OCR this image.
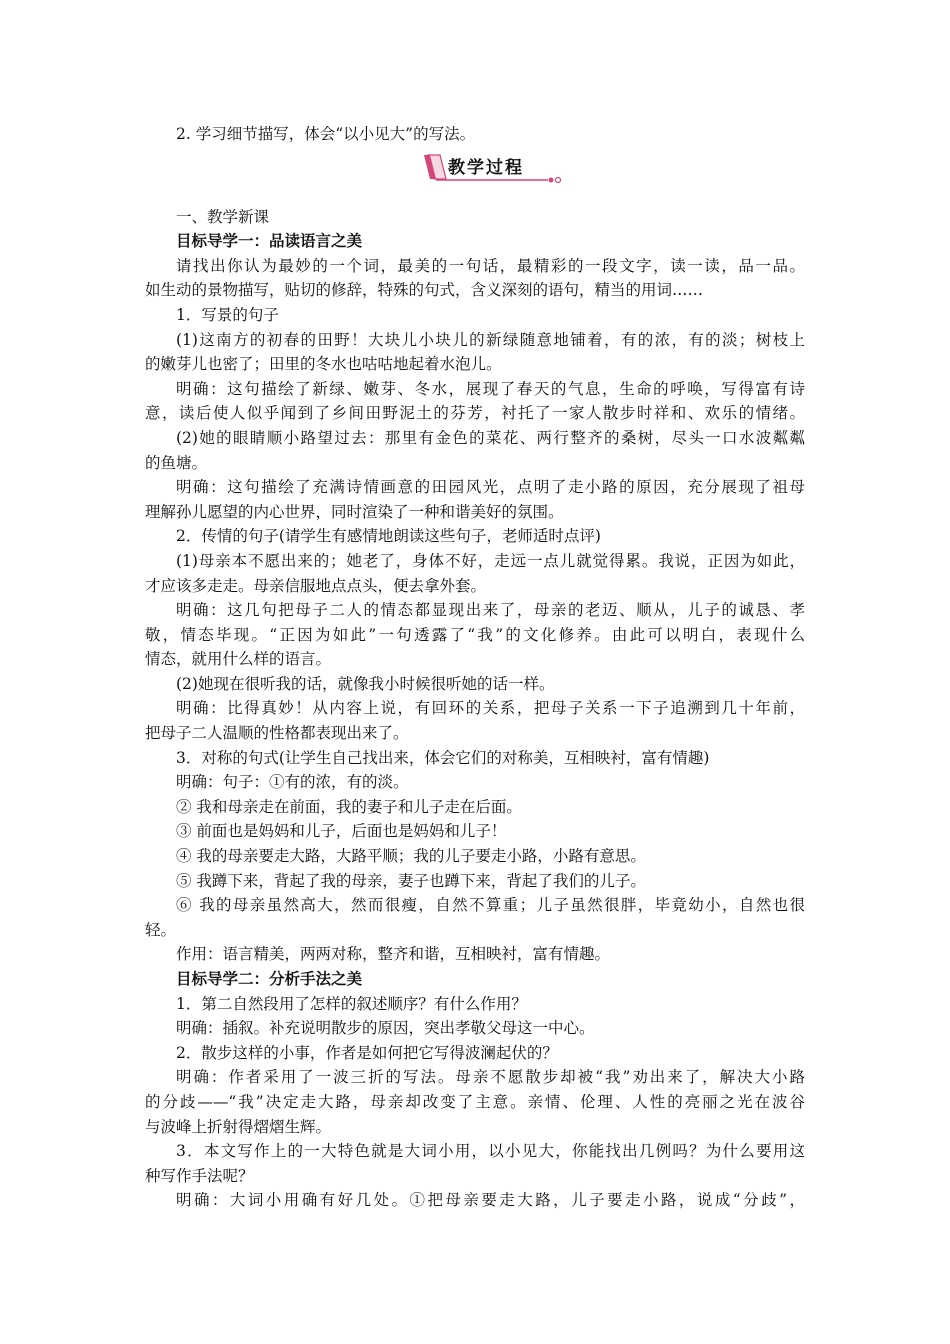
2. 学习细节描写，体会“以小见大”的写法。
教学过程
一、教学新课
目标导学一：品读语言之美
请找出你认为最妙的一个词，最美的一句话，最精彩的一段文字，读一读，品一品。
如生动的景物描写，贴切的修辞，特殊的句式，含义深刻的语句，精当的用词……
1．写景的句子
(1)这南方的初春的田野！大块儿小块儿的新绿随意地铺着，有的浓，有的淡；树枝上
的嫩芽儿也密了；田里的冬水也咕咕地起着水泡儿。
明确：这句描绘了新绿、嫩芽、冬水，展现了春天的气息，生命的呼唤，写得富有诗
意，读后使人似乎闻到了乡间田野泥土的芬芳，衬托了一家人散步时祥和、欢乐的情绪。
(2)她的眼睛顺小路望过去：那里有金色的菜花、两行整齐的桑树，尽头一口水波粼粼
的鱼塘。
明确：这句描绘了充满诗情画意的田园风光，点明了走小路的原因，充分展现了祖母
理解孙儿愿望的内心世界，同时渲染了一种和谐美好的氛围。
2．传情的句子(请学生有感情地朗读这些句子，老师适时点评)
(1)母亲本不愿出来的；她老了，身体不好，走远一点儿就觉得累。我说，正因为如此，
才应该多走走。母亲信服地点点头，便去拿外套。
明确：这几句把母子二人的情态都显现出来了，母亲的老迈、顺从，儿子的诚恳、孝
敬，情态毕现。“正因为如此”一句透露了“我”的文化修养。由此可以明白，表现什么
情态，就用什么样的语言。
(2)她现在很听我的话，就像我小时候很听她的话一样。
明确：比得真妙！从内容上说，有回环的关系，把母子关系一下子追溯到几十年前，
把母子二人温顺的性格都表现出来了。
3．对称的句式(让学生自己找出来，体会它们的对称美，互相映衬，富有情趣)
明确：句子：①有的浓，有的淡。
② 我和母亲走在前面，我的妻子和儿子走在后面。
③ 前面也是妈妈和儿子，后面也是妈妈和儿子！
④ 我的母亲要走大路，大路平顺；我的儿子要走小路，小路有意思。
⑤ 我蹲下来，背起了我的母亲，妻子也蹲下来，背起了我们的儿子。
⑥ 我的母亲虽然高大，然而很瘦，自然不算重；儿子虽然很胖，毕竟幼小，自然也很
轻。
作用：语言精美，两两对称，整齐和谐，互相映衬，富有情趣。
目标导学二：分析手法之美
1．第二自然段用了怎样的叙述顺序？有什么作用？
明确：插叙。补充说明散步的原因，突出孝敬父母这一中心。
2．散步这样的小事，作者是如何把它写得波澜起伏的？
明确：作者采用了一波三折的写法。母亲不愿散步却被“我”劝出来了，解决大小路
的分歧——“我”决定走大路，母亲却改变了主意。亲情、伦理、人性的亮丽之光在波谷
与波峰上折射得熠熠生辉。
3．本文写作上的一大特色就是大词小用，以小见大，你能找出几例吗？为什么要用这
种写作手法呢？
明确：大词小用确有好几处。①把母亲要走大路，儿子要走小路，说成“分歧”，
